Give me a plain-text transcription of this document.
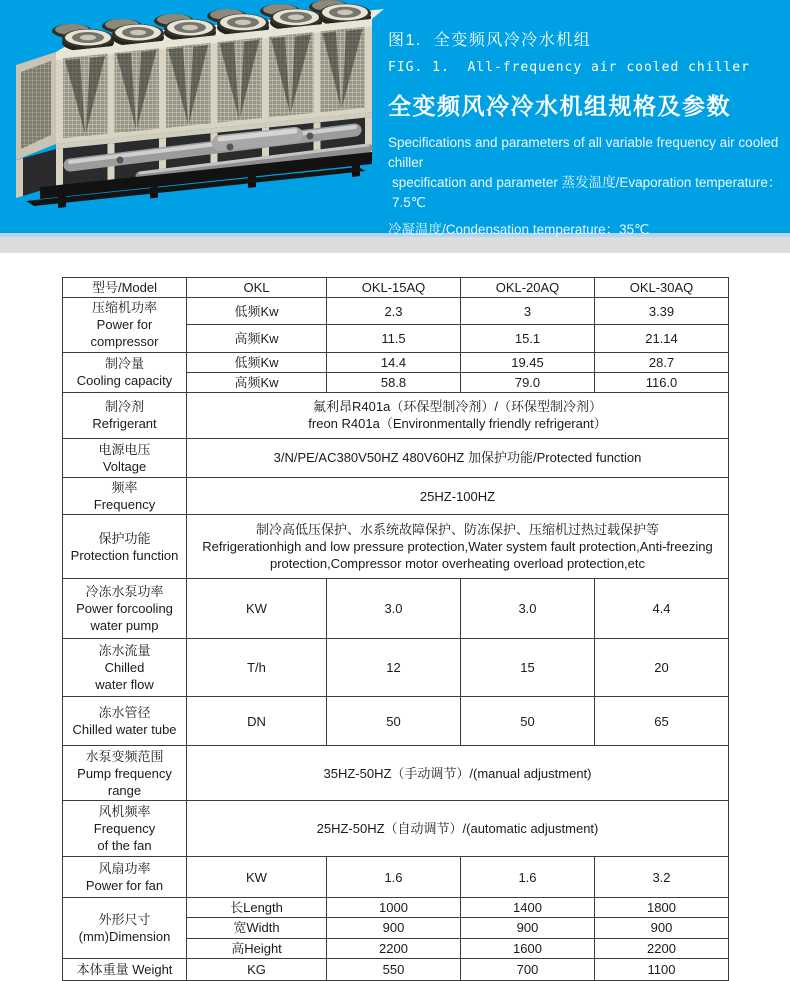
图1.  全变频风冷冷水机组
FIG. 1.  All-frequency air cooled chiller
全变频风冷冷水机组规格及参数
Specifications and parameters of all variable frequency air cooled chiller
specification and parameter 蒸发温度/Evaporation temperature：7.5℃
冷凝温度/Condensation temperature：35℃
型号/Model	OKL	OKL-15AQ	OKL-20AQ	OKL-30AQ

压缩机功率
Power for compressor	低频Kw	2.3	3	3.39
	高频Kw	11.5	15.1	21.14

制冷量
Cooling capacity	低频Kw	14.4	19.45	28.7
	高频Kw	58.8	79.0	116.0

制冷剂
Refrigerant	氟利昂R401a（环保型制冷剂）/（环保型制冷剂）
freon R401a（Environmentally friendly refrigerant）			

电源电压
Voltage	3/N/PE/AC380V50HZ 480V60HZ 加保护功能/Protected function			

频率
Frequency	25HZ-100HZ			

保护功能
Protection function	制冷高低压保护、水系统故障保护、防冻保护、压缩机过热过载保护等
Refrigerationhigh and low pressure protection,Water system fault protection,Anti-freezing protection,Compressor motor overheating overload protection,etc			

冷冻水泵功率
Power forcooling
water pump	KW	3.0	3.0	4.4

冻水流量
Chilled
water flow	T/h	12	15	20

冻水管径
Chilled water tube	DN	50	50	65

水泵变频范围
Pump frequency
range	35HZ-50HZ（手动调节）/(manual adjustment)			

风机频率
Frequency
of the fan	25HZ-50HZ（自动调节）/(automatic adjustment)			

风扇功率
Power for fan	KW	1.6	1.6	3.2

外形尺寸
(mm)Dimension	长Length	1000	1400	1800
	宽Width	900	900	900
	高Height	2200	1600	2200
本体重量 Weight	KG	550	700	1100
